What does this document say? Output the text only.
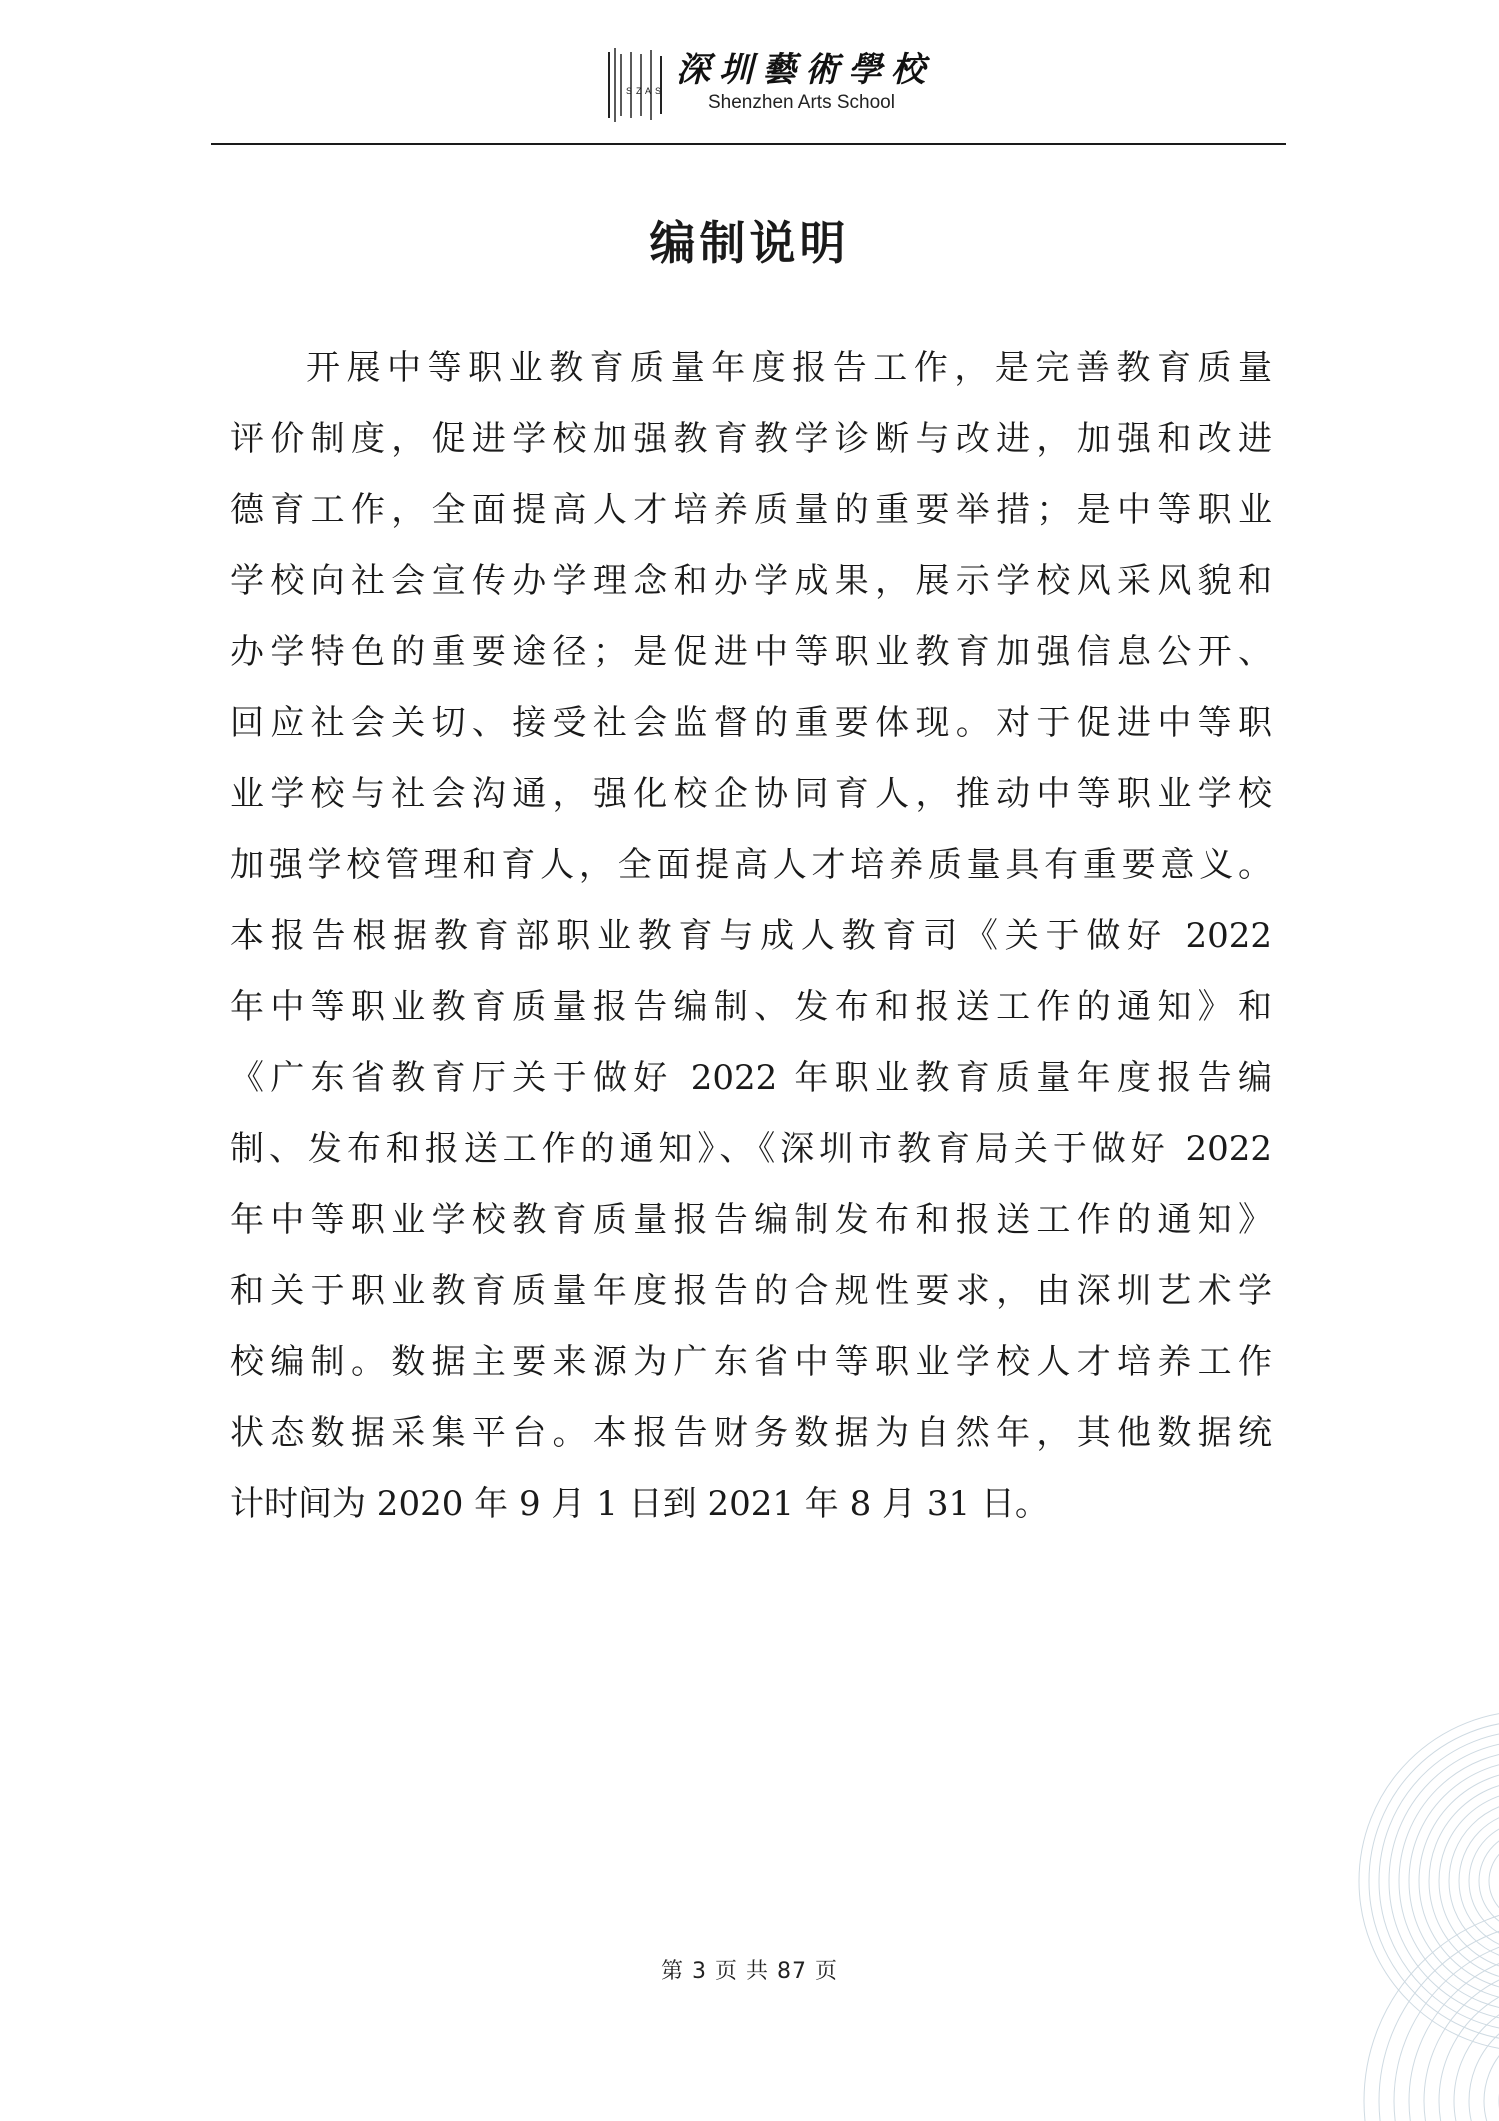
S Z A S
深圳藝術學校
Shenzhen Arts School
编制说明
开展中等职业教育质量年度报告工作，是完善教育质量
评价制度，促进学校加强教育教学诊断与改进，加强和改进
德育工作，全面提高人才培养质量的重要举措；是中等职业
学校向社会宣传办学理念和办学成果，展示学校风采风貌和
办学特色的重要途径；是促进中等职业教育加强信息公开、
回应社会关切、接受社会监督的重要体现。对于促进中等职
业学校与社会沟通，强化校企协同育人，推动中等职业学校
加强学校管理和育人，全面提高人才培养质量具有重要意义。
本报告根据教育部职业教育与成人教育司《关于做好 2022
年中等职业教育质量报告编制、发布和报送工作的通知》和
《广东省教育厅关于做好 2022 年职业教育质量年度报告编
制、发布和报送工作的通知》、《深圳市教育局关于做好 2022
年中等职业学校教育质量报告编制发布和报送工作的通知》
和关于职业教育质量年度报告的合规性要求，由深圳艺术学
校编制。数据主要来源为广东省中等职业学校人才培养工作
状态数据采集平台。本报告财务数据为自然年，其他数据统
计时间为 2020 年 9 月 1 日到 2021 年 8 月 31 日。
第 3 页 共 87 页
